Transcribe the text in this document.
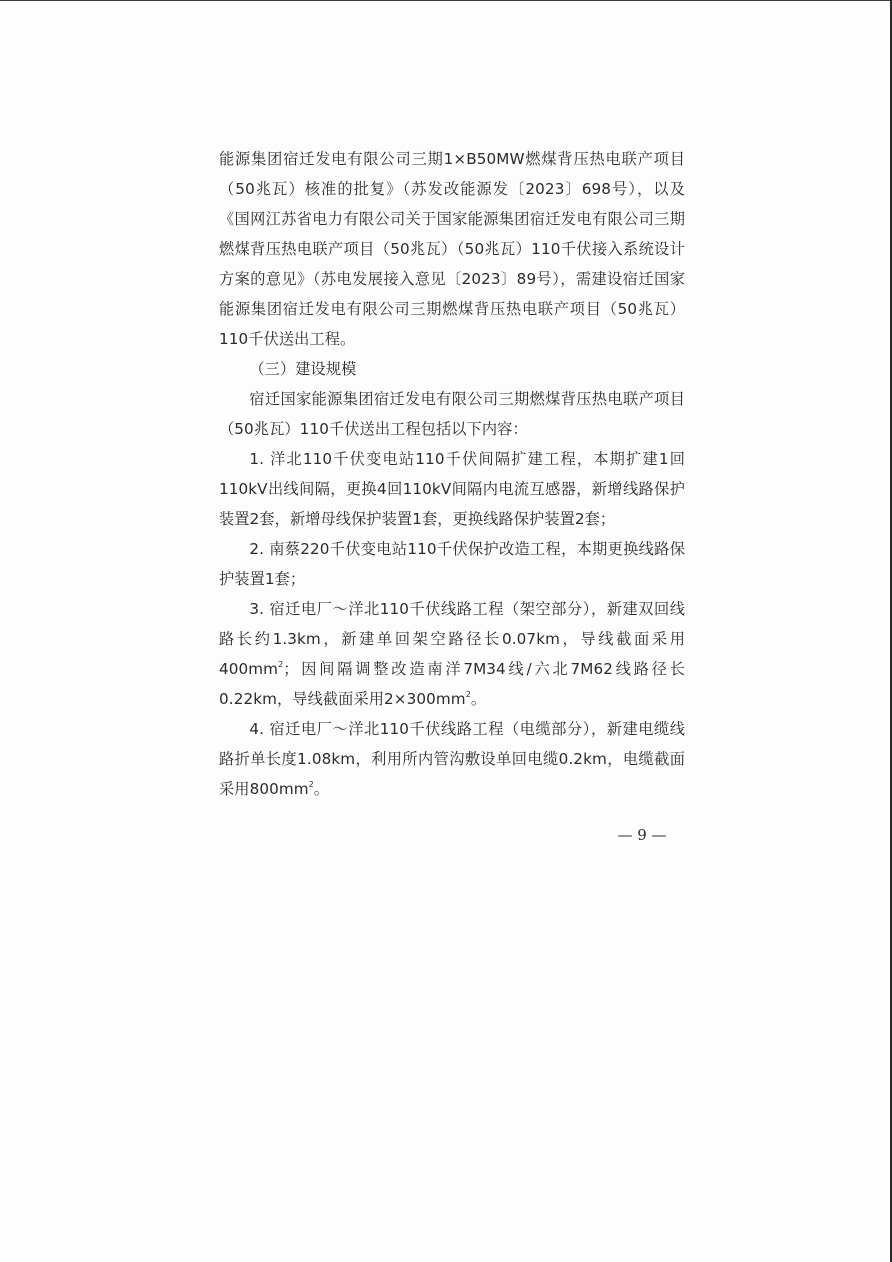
能源集团宿迁发电有限公司三期1×B50MW燃煤背压热电联产项目（50兆瓦）核准的批复》（苏发改能源发〔2023〕698号），以及《国网江苏省电力有限公司关于国家能源集团宿迁发电有限公司三期燃煤背压热电联产项目（50兆瓦）（50兆瓦）110千伏接入系统设计方案的意见》（苏电发展接入意见〔2023〕89号），需建设宿迁国家能源集团宿迁发电有限公司三期燃煤背压热电联产项目（50兆瓦）110千伏送出工程。

（三）建设规模

宿迁国家能源集团宿迁发电有限公司三期燃煤背压热电联产项目（50兆瓦）110千伏送出工程包括以下内容：

1. 洋北110千伏变电站110千伏间隔扩建工程，本期扩建1回110kV出线间隔，更换4回110kV间隔内电流互感器，新增线路保护装置2套，新增母线保护装置1套，更换线路保护装置2套；

2. 南蔡220千伏变电站110千伏保护改造工程，本期更换线路保护装置1套；

3. 宿迁电厂～洋北110千伏线路工程（架空部分），新建双回线路长约1.3km，新建单回架空路径长0.07km，导线截面采用$400mm^2$；因间隔调整改造南洋7M34线/六北7M62线路径长0.22km，导线截面采用$2\times 300mm^2$。

4. 宿迁电厂～洋北110千伏线路工程（电缆部分），新建电缆线路折单长度1.08km，利用所内管沟敷设单回电缆0.2km，电缆截面采用$800mm^2$。

— 9 —
